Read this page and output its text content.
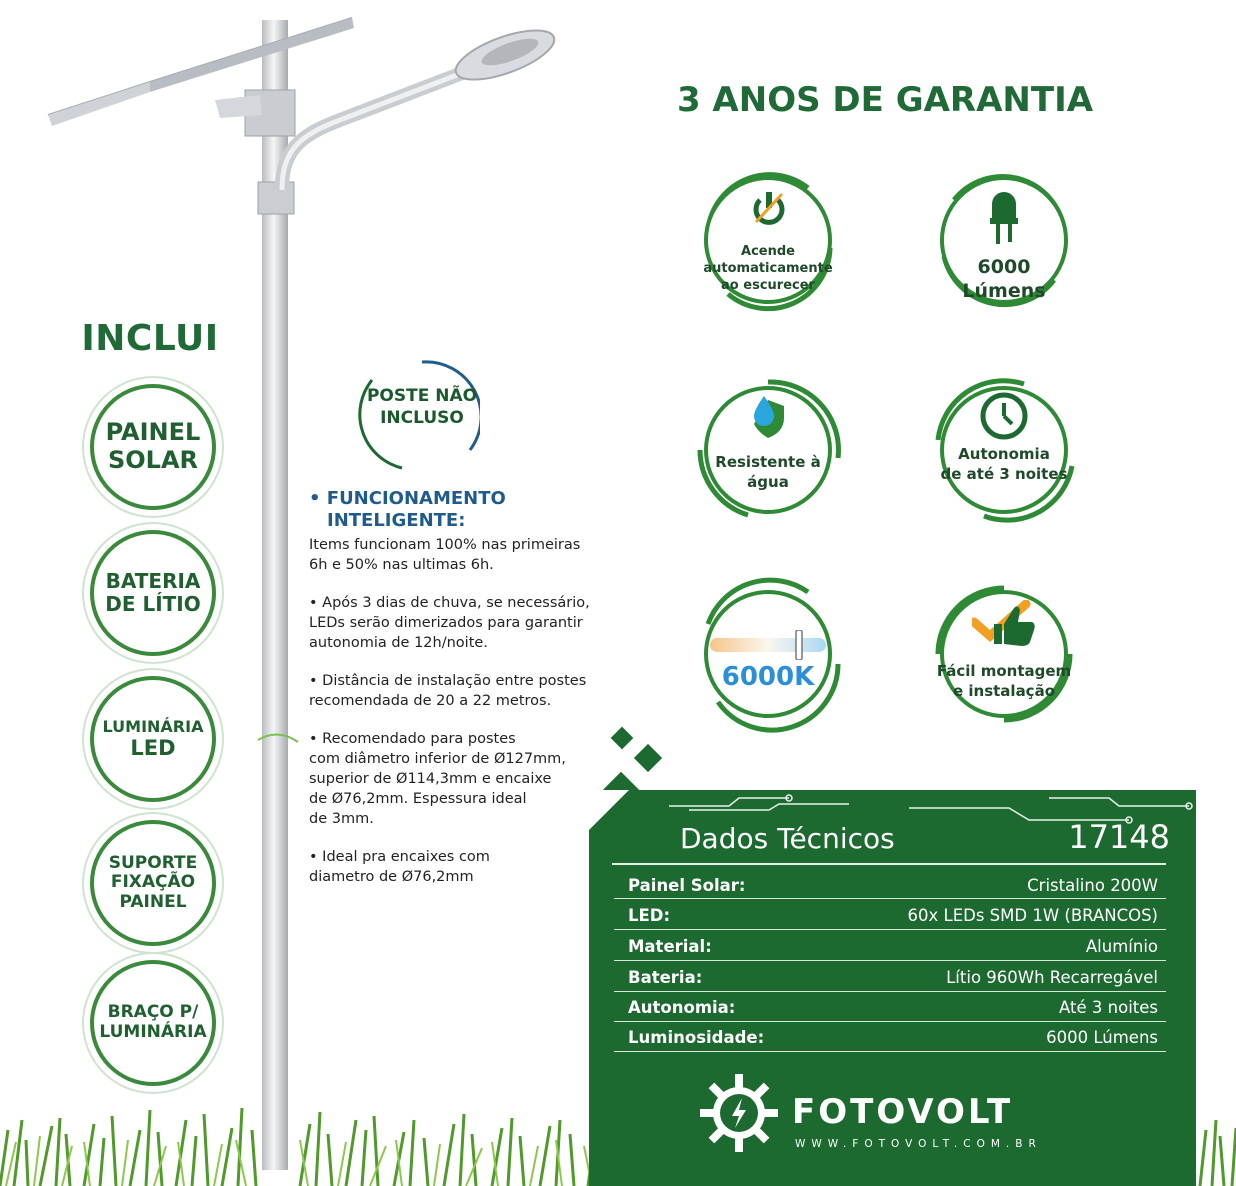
INCLUI
PAINEL
SOLAR
BATERIA
DE LÍTIO
LUMINÁRIA
LED
SUPORTE
FIXAÇÃO
PAINEL
BRAÇO P/
LUMINÁRIA
POSTE NÃO
INCLUSO
• FUNCIONAMENTO
INTELIGENTE:
Items funcionam 100% nas primeiras
6h e 50% nas ultimas 6h.
• Após 3 dias de chuva, se necessário,
LEDs serão dimerizados para garantir
autonomia de 12h/noite.
• Distância de instalação entre postes
recomendada de 20 a 22 metros.
• Recomendado para postes
com diâmetro inferior de Ø127mm,
superior de Ø114,3mm e encaixe
de Ø76,2mm. Espessura ideal
de 3mm.
• Ideal pra encaixes com
diametro de Ø76,2mm
3 ANOS DE GARANTIA
Acende
automaticamente
ao escurecer
6000
Lúmens
Resistente à
água
Autonomia
de até 3 noites
6000K	Fácil montagem
e instalação
Dados Técnicos	17148
Painel Solar:	Cristalino 200W
LED:	60x LEDs SMD 1W (BRANCOS)
Material:	Alumínio
Bateria:	Lítio 960Wh Recarregável
Autonomia:	Até 3 noites
Luminosidade:	6000 Lúmens
FOTOVOLT
WWW.FOTOVOLT.COM.BR
